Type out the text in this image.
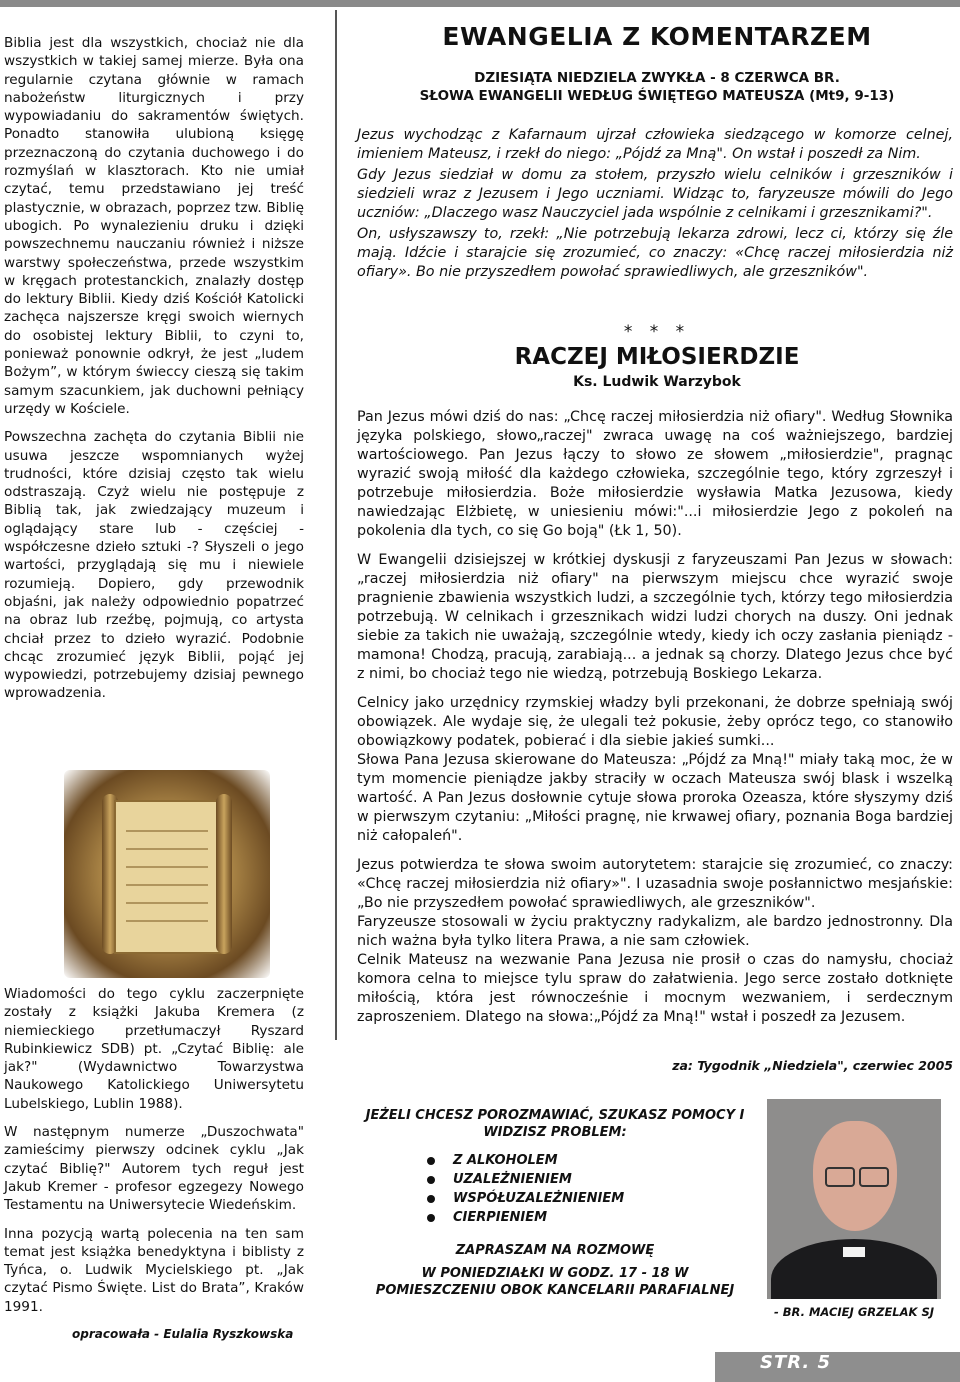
Biblia jest dla wszystkich, chociaż nie dla wszystkich w takiej samej mierze. Była ona regularnie czytana głównie w ramach nabożeństw liturgicznych i przy wypowiadaniu do sakramentów świętych. Ponadto stanowiła ulubioną księgę przeznaczoną do czytania duchowego i do rozmyślań w klasztorach. Kto nie umiał czytać, temu przedstawiano jej treść plastycznie, w obrazach, poprzez tzw. Biblię ubogich. Po wynalezieniu druku i dzięki powszechnemu nauczaniu również i niższe warstwy społeczeństwa, przede wszystkim w kręgach protestanckich, znalazły dostęp do lektury Biblii. Kiedy dziś Kościół Katolicki zachęca najszersze kręgi swoich wiernych do osobistej lektury Biblii, to czyni to, ponieważ ponownie odkrył, że jest „ludem Bożym”, w którym świeccy cieszą się takim samym szacunkiem, jak duchowni pełniący urzędy w Kościele.

Powszechna zachęta do czytania Biblii nie usuwa jeszcze wspomnianych wyżej trudności, które dzisiaj często tak wielu odstraszają. Czyż wielu nie postępuje z Biblią tak, jak zwiedzający muzeum i oglądający stare lub - częściej - współczesne dzieło sztuki -? Słyszeli o jego wartości, przyglądają się mu i niewiele rozumieją. Dopiero, gdy przewodnik objaśni, jak należy odpowiednio popatrzeć na obraz lub rzeźbę, pojmują, co artysta chciał przez to dzieło wyrazić. Podobnie chcąc zrozumieć język Biblii, pojąć jej wypowiedzi, potrzebujemy dzisiaj pewnego wprowadzenia.

Wiadomości do tego cyklu zaczerpnięte zostały z książki Jakuba Kremera (z niemieckiego przetłumaczył Ryszard Rubinkiewicz SDB) pt. „Czytać Biblię: ale jak?" (Wydawnictwo Towarzystwa Naukowego Katolickiego Uniwersytetu Lubelskiego, Lublin 1988).

W następnym numerze „Duszochwata" zamieścimy pierwszy odcinek cyklu „Jak czytać Biblię?" Autorem tych reguł jest Jakub Kremer - profesor egzegezy Nowego Testamentu na Uniwersytecie Wiedeńskim.

Inna pozycją wartą polecenia na ten sam temat jest książka benedyktyna i biblisty z Tyńca, o. Ludwik Mycielskiego pt. „Jak czytać Pismo Święte. List do Brata”, Kraków 1991.

opracowała - Eulalia Ryszkowska
EWANGELIA Z KOMENTARZEM
DZIESIĄTA NIEDZIELA ZWYKŁA - 8 CZERWCA BR.
SŁOWA EWANGELII WEDŁUG ŚWIĘTEGO MATEUSZA (Mt9, 9-13)

Jezus wychodząc z Kafarnaum ujrzał człowieka siedzącego w komorze celnej, imieniem Mateusz, i rzekł do niego: „Pójdź za Mną". On wstał i poszedł za Nim.

Gdy Jezus siedział w domu za stołem, przyszło wielu celników i grzeszników i siedzieli wraz z Jezusem i Jego uczniami. Widząc to, faryzeusze mówili do Jego uczniów: „Dlaczego wasz Nauczyciel jada wspólnie z celnikami i grzesznikami?".

On, usłyszawszy to, rzekł: „Nie potrzebują lekarza zdrowi, lecz ci, którzy się źle mają. Idźcie i starajcie się zrozumieć, co znaczy: «Chcę raczej miłosierdzia niż ofiary». Bo nie przyszedłem powołać sprawiedliwych, ale grzeszników".

* * *
RACZEJ MIŁOSIERDZIE
Ks. Ludwik Warzybok

Pan Jezus mówi dziś do nas: „Chcę raczej miłosierdzia niż ofiary". Według Słownika języka polskiego, słowo„raczej" zwraca uwagę na coś ważniejszego, bardziej wartościowego. Pan Jezus łączy to słowo ze słowem „miłosierdzie", pragnąc wyrazić swoją miłość dla każdego człowieka, szczególnie tego, który zgrzeszył i potrzebuje miłosierdzia. Boże miłosierdzie wysławia Matka Jezusowa, kiedy nawiedzając Elżbietę, w uniesieniu mówi:"...i miłosierdzie Jego z pokoleń na pokolenia dla tych, co się Go boją" (Łk 1, 50).

W Ewangelii dzisiejszej w krótkiej dyskusji z faryzeuszami Pan Jezus w słowach: „raczej miłosierdzia niż ofiary" na pierwszym miejscu chce wyrazić swoje pragnienie zbawienia wszystkich ludzi, a szczególnie tych, którzy tego miłosierdzia potrzebują. W celnikach i grzesznikach widzi ludzi chorych na duszy. Oni jednak siebie za takich nie uważają, szczególnie wtedy, kiedy ich oczy zasłania pieniądz - mamona! Chodzą, pracują, zarabiają... a jednak są chorzy. Dlatego Jezus chce być z nimi, bo chociaż tego nie wiedzą, potrzebują Boskiego Lekarza.

Celnicy jako urzędnicy rzymskiej władzy byli przekonani, że dobrze spełniają swój obowiązek. Ale wydaje się, że ulegali też pokusie, żeby oprócz tego, co stanowiło obowiązkowy podatek, pobierać i dla siebie jakieś sumki...

Słowa Pana Jezusa skierowane do Mateusza: „Pójdź za Mną!" miały taką moc, że w tym momencie pieniądze jakby straciły w oczach Mateusza swój blask i wszelką wartość. A Pan Jezus dosłownie cytuje słowa proroka Ozeasza, które słyszymy dziś w pierwszym czytaniu: „Miłości pragnę, nie krwawej ofiary, poznania Boga bardziej niż całopaleń".

Jezus potwierdza te słowa swoim autorytetem: starajcie się zrozumieć, co znaczy: «Chcę raczej miłosierdzia niż ofiary»". I uzasadnia swoje posłannictwo mesjańskie: „Bo nie przyszedłem powołać sprawiedliwych, ale grzeszników".

Faryzeusze stosowali w życiu praktyczny radykalizm, ale bardzo jednostronny. Dla nich ważna była tylko litera Prawa, a nie sam człowiek.

Celnik Mateusz na wezwanie Pana Jezusa nie prosił o czas do namysłu, chociaż komora celna to miejsce tylu spraw do załatwienia. Jego serce zostało dotknięte miłością, która jest równocześnie i mocnym wezwaniem, i serdecznym zaproszeniem. Dlatego na słowa:„Pójdź za Mną!" wstał i poszedł za Jezusem.

za: Tygodnik „Niedziela", czerwiec 2005
JEŻELI CHCESZ POROZMAWIAĆ, SZUKASZ POMOCY I WIDZISZ PROBLEM:
Z ALKOHOLEM
UZALEŻNIENIEM
WSPÓŁUZALEŻNIENIEM
CIERPIENIEM
ZAPRASZAM NA ROZMOWĘ
W PONIEDZIAŁKI W GODZ. 17 - 18 W POMIESZCZENIU OBOK KANCELARII PARAFIALNEJ
- BR. MACIEJ GRZELAK SJ
STR. 5
